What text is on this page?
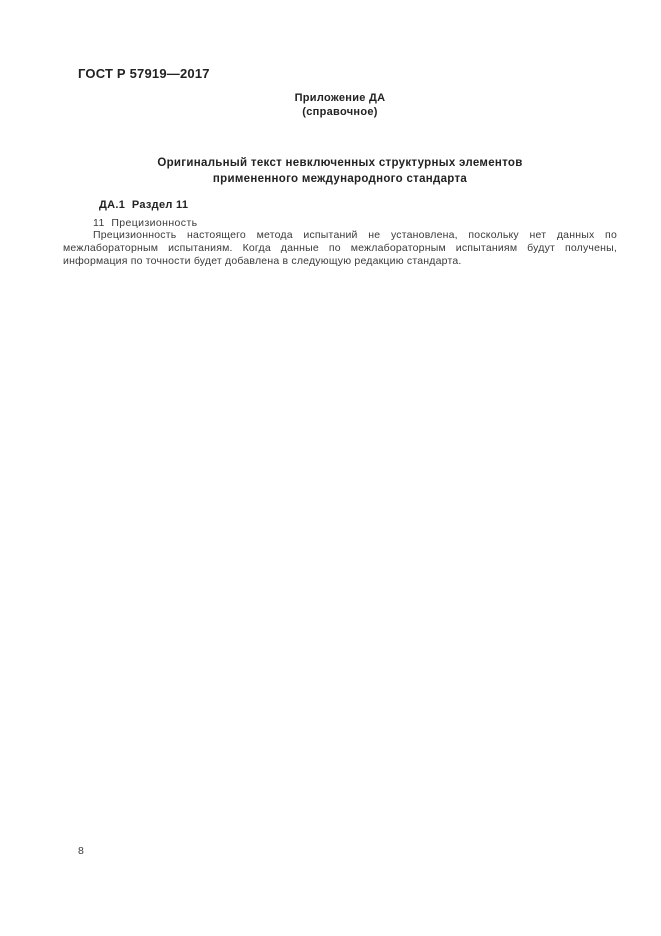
ГОСТ Р 57919—2017
Приложение ДА
(справочное)
Оригинальный текст невключенных структурных элементов
примененного международного стандарта
ДА.1  Раздел 11
11  Прецизионность
Прецизионность настоящего метода испытаний не установлена, поскольку нет данных по межлабораторным испытаниям. Когда данные по межлабораторным испытаниям будут получены, информация по точности будет добавлена в следующую редакцию стандарта.
8
